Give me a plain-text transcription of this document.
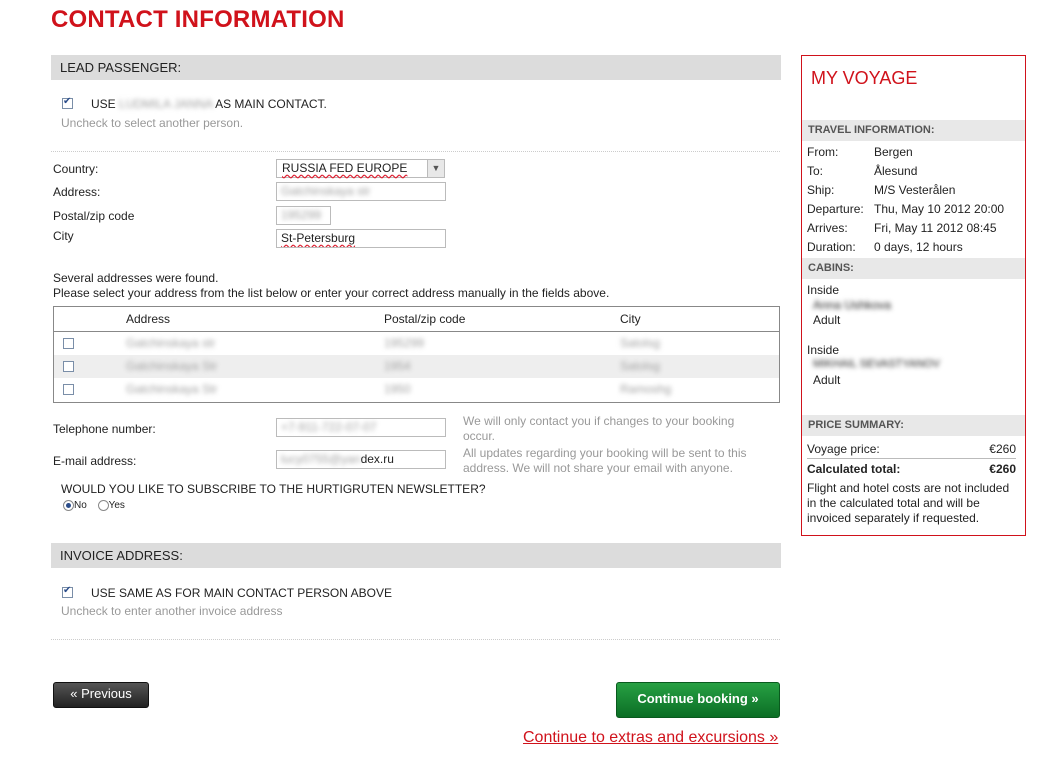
CONTACT INFORMATION
LEAD PASSENGER:
✔
USE LUDMILA JANNA AS MAIN CONTACT.
Uncheck to select another person.
Country:	RUSSIA FED EUROPE	▼
Address:	Gatchinskaya str
Postal/zip code	195299
City	St-Petersburg
Several addresses were found.
Please select your address from the list below or enter your correct address manually in the fields above.
Address	Postal/zip code	City
Gatchinskaya str	195299	Satolsg
Gatchinskaya Str	1954	Satolsg
Gatchinskaya Str	1950	Ramoshg
Telephone number:	+7-911-722-07-07	We will only contact you if changes to your booking occur.
E-mail address:	lucy0755@yandex.ru	All updates regarding your booking will be sent to this address. We will not share your email with anyone.
WOULD YOU LIKE TO SUBSCRIBE TO THE HURTIGRUTEN NEWSLETTER?
No Yes
INVOICE ADDRESS:
✔
USE SAME AS FOR MAIN CONTACT PERSON ABOVE
Uncheck to enter another invoice address
« Previous	Continue booking »
Continue to extras and excursions »
MY VOYAGE
TRAVEL INFORMATION:
From:	Bergen
To:	Ålesund
Ship:	M/S Vesterålen
Departure: Thu, May 10 2012 20:00
Arrives: Fri, May 11 2012 08:45
Duration: 0 days, 12 hours
CABINS:
Inside
Anna Ushkova
Adult
Inside
MIKHAIL SEVASTYANOV
Adult
PRICE SUMMARY:
Voyage price:	€260
Calculated total:	€260
Flight and hotel costs are not included in the calculated total and will be invoiced separately if requested.
